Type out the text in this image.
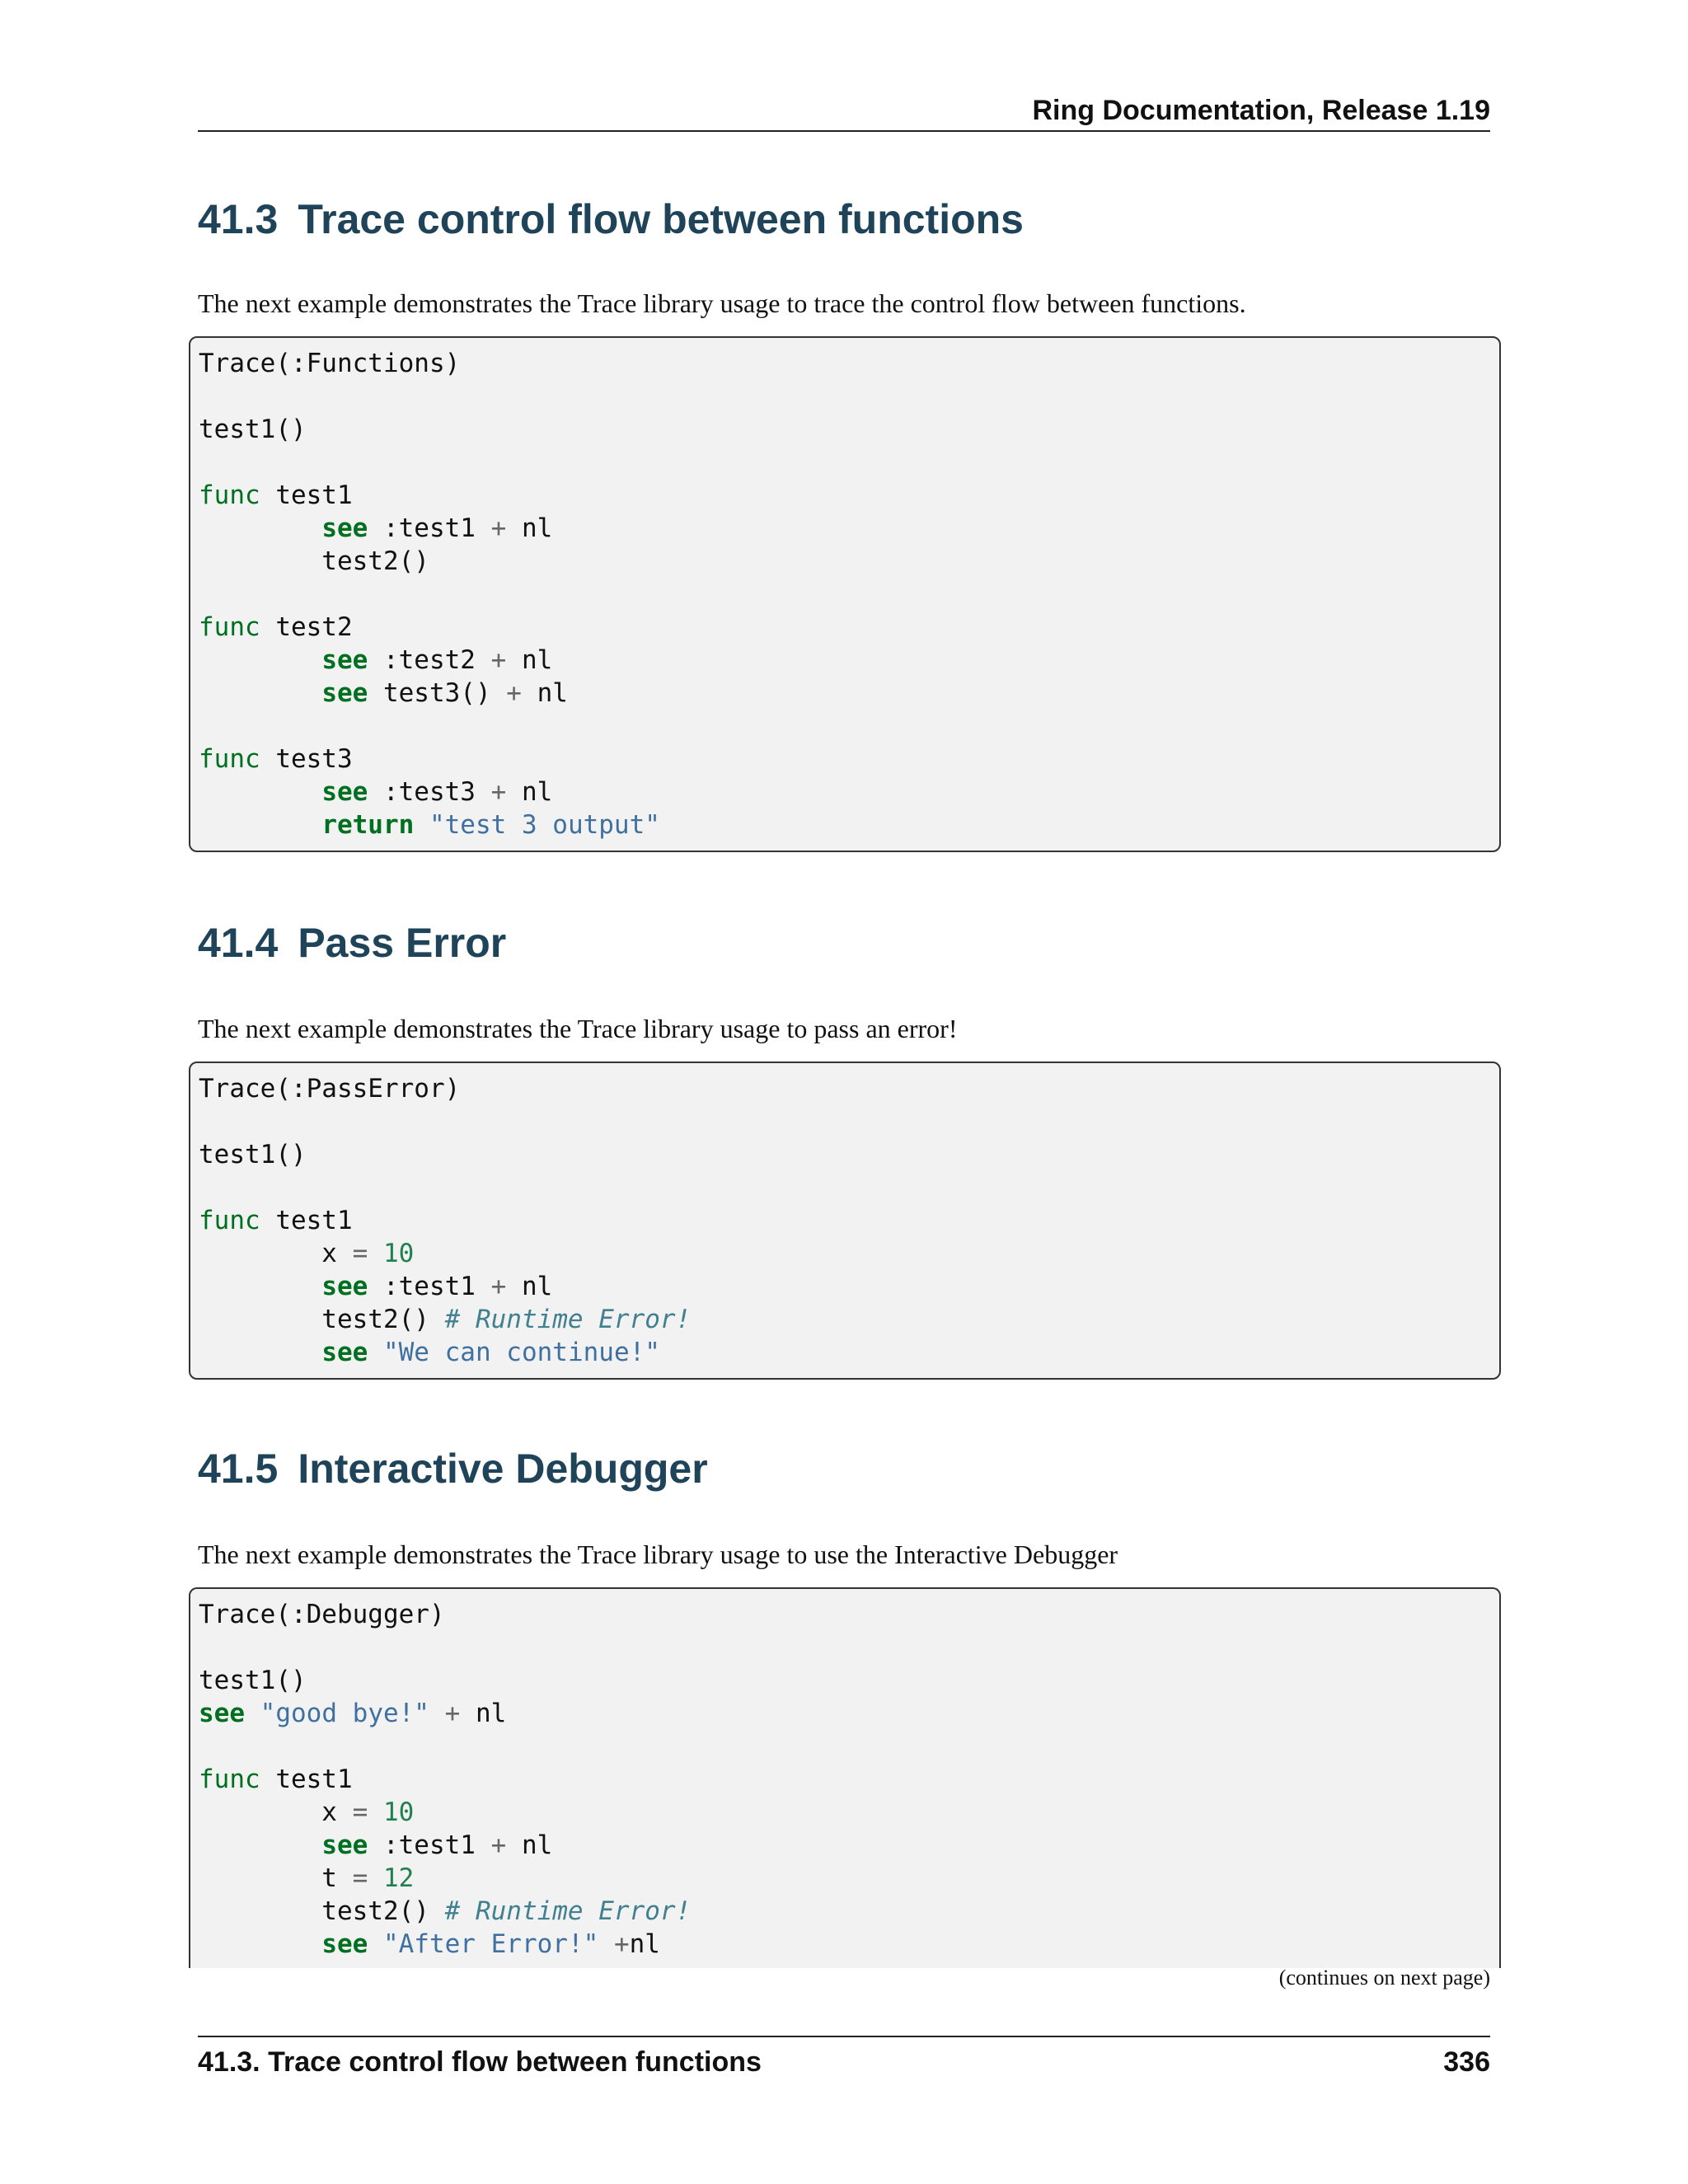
Ring Documentation, Release 1.19
41.3 Trace control flow between functions

The next example demonstrates the Trace library usage to trace the control flow between functions.

Trace(:Functions)
test1()
func test1
see :test1 + nl
test2()
func test2
see :test2 + nl
see test3() + nl
func test3
see :test3 + nl
return "test 3 output"
41.4 Pass Error

The next example demonstrates the Trace library usage to pass an error!

Trace(:PassError)
test1()
func test1
x = 10
see :test1 + nl
test2() # Runtime Error!
see "We can continue!"
41.5 Interactive Debugger

The next example demonstrates the Trace library usage to use the Interactive Debugger

Trace(:Debugger)
test1()
see "good bye!" + nl
func test1
x = 10
see :test1 + nl
t = 12
test2() # Runtime Error!
see "After Error!" +nl
(continues on next page)
41.3. Trace control flow between functions	336
